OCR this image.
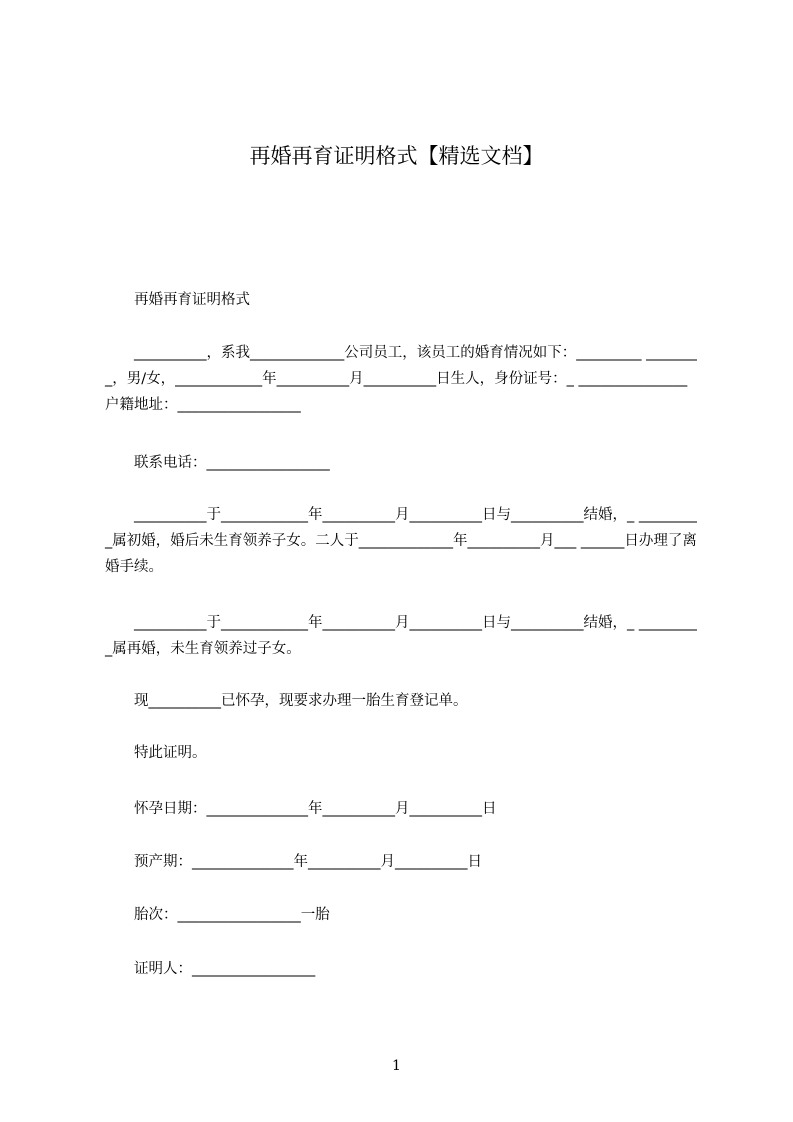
再婚再育证明格式【精选文档】

　　再婚再育证明格式

　　__________，系我_____________公司员工，该员工的婚育情况如下：_________ ________，男/女，____________年__________月__________日生人，身份证号：_ _______________户籍地址：_________________

　　联系电话：_________________

　　__________于____________年__________月__________日与__________结婚，_ _________属初婚，婚后未生育领养子女。二人于_____________年__________月___ ______日办理了离婚手续。

　　__________于____________年__________月__________日与__________结婚，_ _________属再婚，未生育领养过子女。

　　现__________已怀孕，现要求办理一胎生育登记单。

　　特此证明。

　　怀孕日期：______________年__________月__________日

　　预产期：______________年__________月__________日

　　胎次：_________________一胎

　　证明人：_________________

1
